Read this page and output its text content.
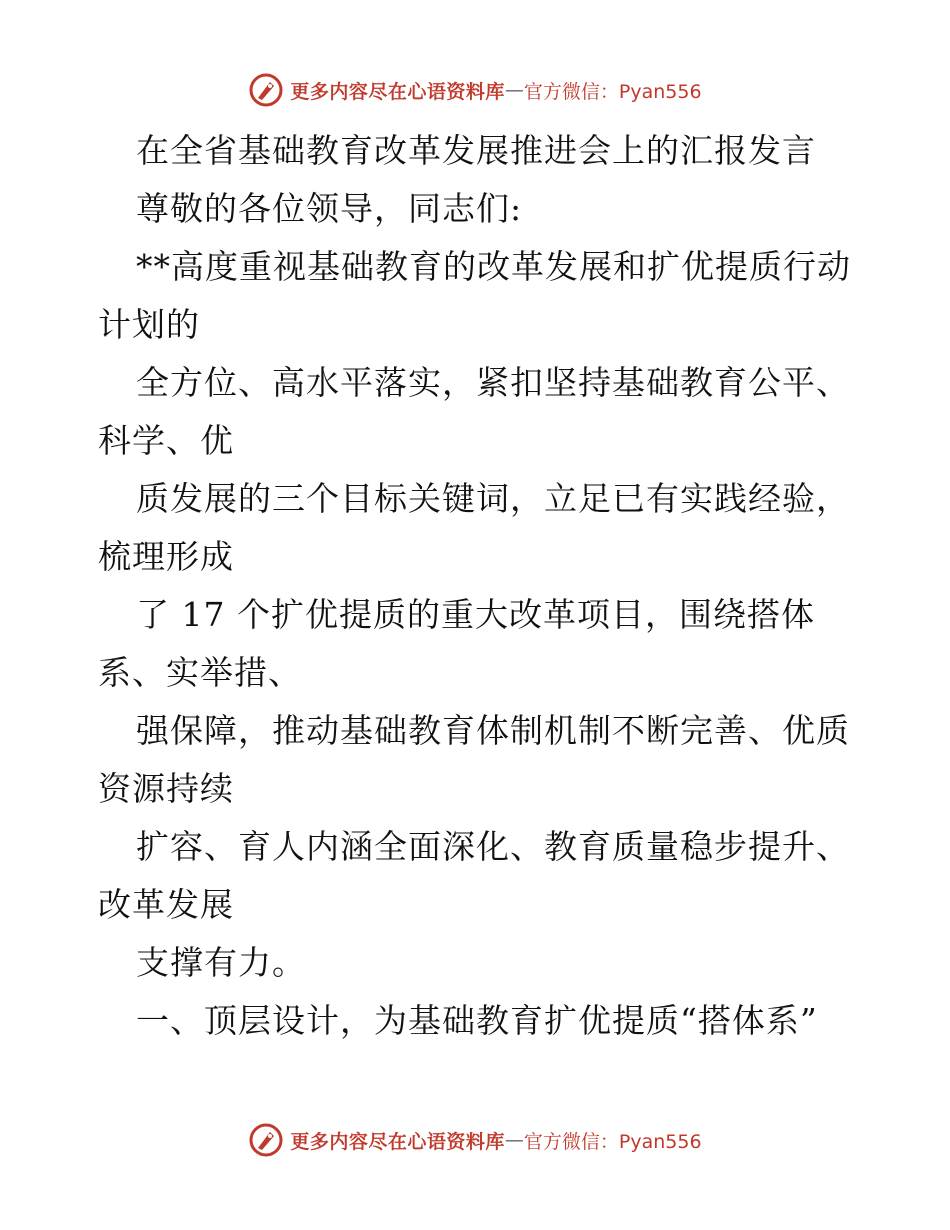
更多内容尽在心语资料库 — 官方微信：Pyan556
在全省基础教育改革发展推进会上的汇报发言
尊敬的各位领导，同志们:
**高度重视基础教育的改革发展和扩优提质行动
计划的
全方位、高水平落实，紧扣坚持基础教育公平、
科学、优
质发展的三个目标关键词，立足已有实践经验，
梳理形成
了 17 个扩优提质的重大改革项目，围绕搭体
系、实举措、
强保障，推动基础教育体制机制不断完善、优质
资源持续
扩容、育人内涵全面深化、教育质量稳步提升、
改革发展
支撑有力。
一、顶层设计，为基础教育扩优提质“搭体系”
更多内容尽在心语资料库 — 官方微信：Pyan556
